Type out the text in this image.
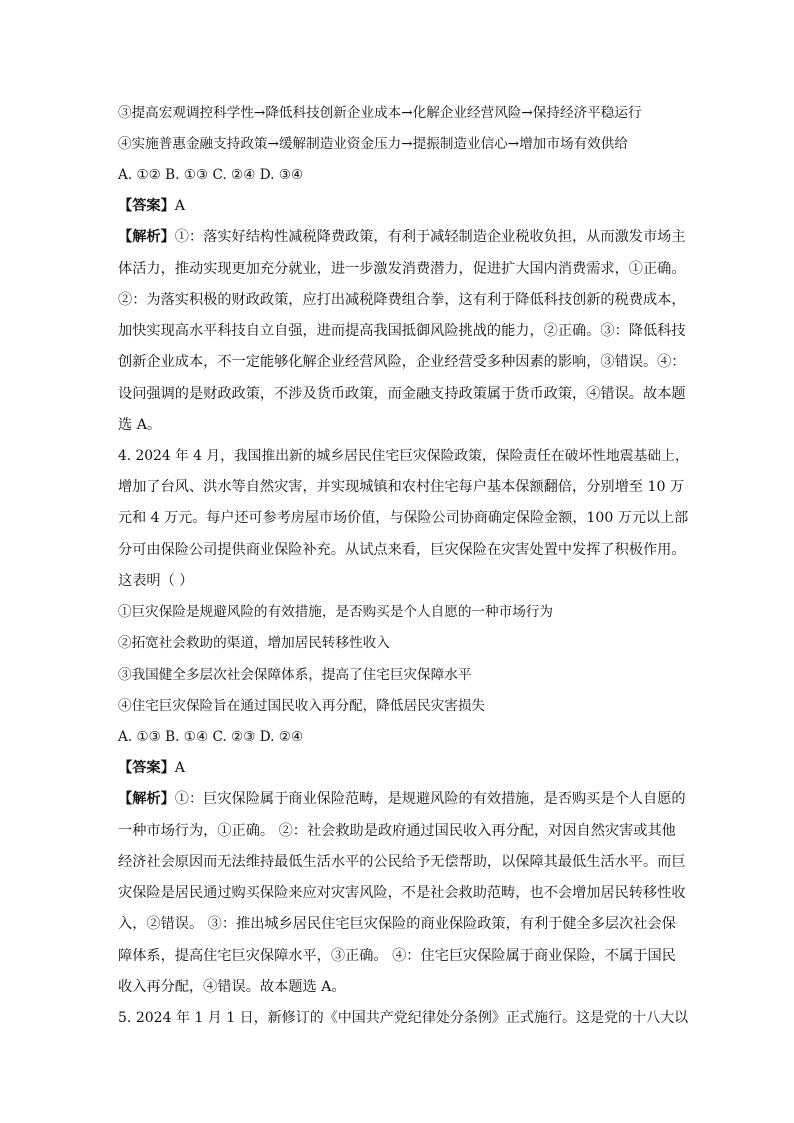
③提高宏观调控科学性→降低科技创新企业成本→化解企业经营风险→保持经济平稳运行
④实施普惠金融支持政策→缓解制造业资金压力→提振制造业信心→增加市场有效供给
A. ①② B. ①③ C. ②④ D. ③④
【答案】A
【解析】①：落实好结构性减税降费政策，有利于减轻制造企业税收负担，从而激发市场主
体活力，推动实现更加充分就业，进一步激发消费潜力，促进扩大国内消费需求，①正确。
②：为落实积极的财政政策，应打出减税降费组合拳，这有利于降低科技创新的税费成本，
加快实现高水平科技自立自强，进而提高我国抵御风险挑战的能力，②正确。③：降低科技
创新企业成本，不一定能够化解企业经营风险，企业经营受多种因素的影响，③错误。④：
设问强调的是财政政策，不涉及货币政策，而金融支持政策属于货币政策，④错误。故本题
选 A。
4. 2024 年 4 月，我国推出新的城乡居民住宅巨灾保险政策，保险责任在破坏性地震基础上，
增加了台风、洪水等自然灾害，并实现城镇和农村住宅每户基本保额翻倍，分别增至 10 万
元和 4 万元。每户还可参考房屋市场价值，与保险公司协商确定保险金额，100 万元以上部
分可由保险公司提供商业保险补充。从试点来看，巨灾保险在灾害处置中发挥了积极作用。
这表明（ ）
①巨灾保险是规避风险的有效措施，是否购买是个人自愿的一种市场行为
②拓宽社会救助的渠道，增加居民转移性收入
③我国健全多层次社会保障体系，提高了住宅巨灾保障水平
④住宅巨灾保险旨在通过国民收入再分配，降低居民灾害损失
A. ①③ B. ①④ C. ②③ D. ②④
【答案】A
【解析】①：巨灾保险属于商业保险范畴，是规避风险的有效措施，是否购买是个人自愿的
一种市场行为，①正确。 ②：社会救助是政府通过国民收入再分配，对因自然灾害或其他
经济社会原因而无法维持最低生活水平的公民给予无偿帮助，以保障其最低生活水平。而巨
灾保险是居民通过购买保险来应对灾害风险，不是社会救助范畴，也不会增加居民转移性收
入，②错误。 ③：推出城乡居民住宅巨灾保险的商业保险政策，有利于健全多层次社会保
障体系，提高住宅巨灾保障水平，③正确。 ④：住宅巨灾保险属于商业保险，不属于国民
收入再分配，④错误。故本题选 A。
5. 2024 年 1 月 1 日，新修订的《中国共产党纪律处分条例》正式施行。这是党的十八大以
